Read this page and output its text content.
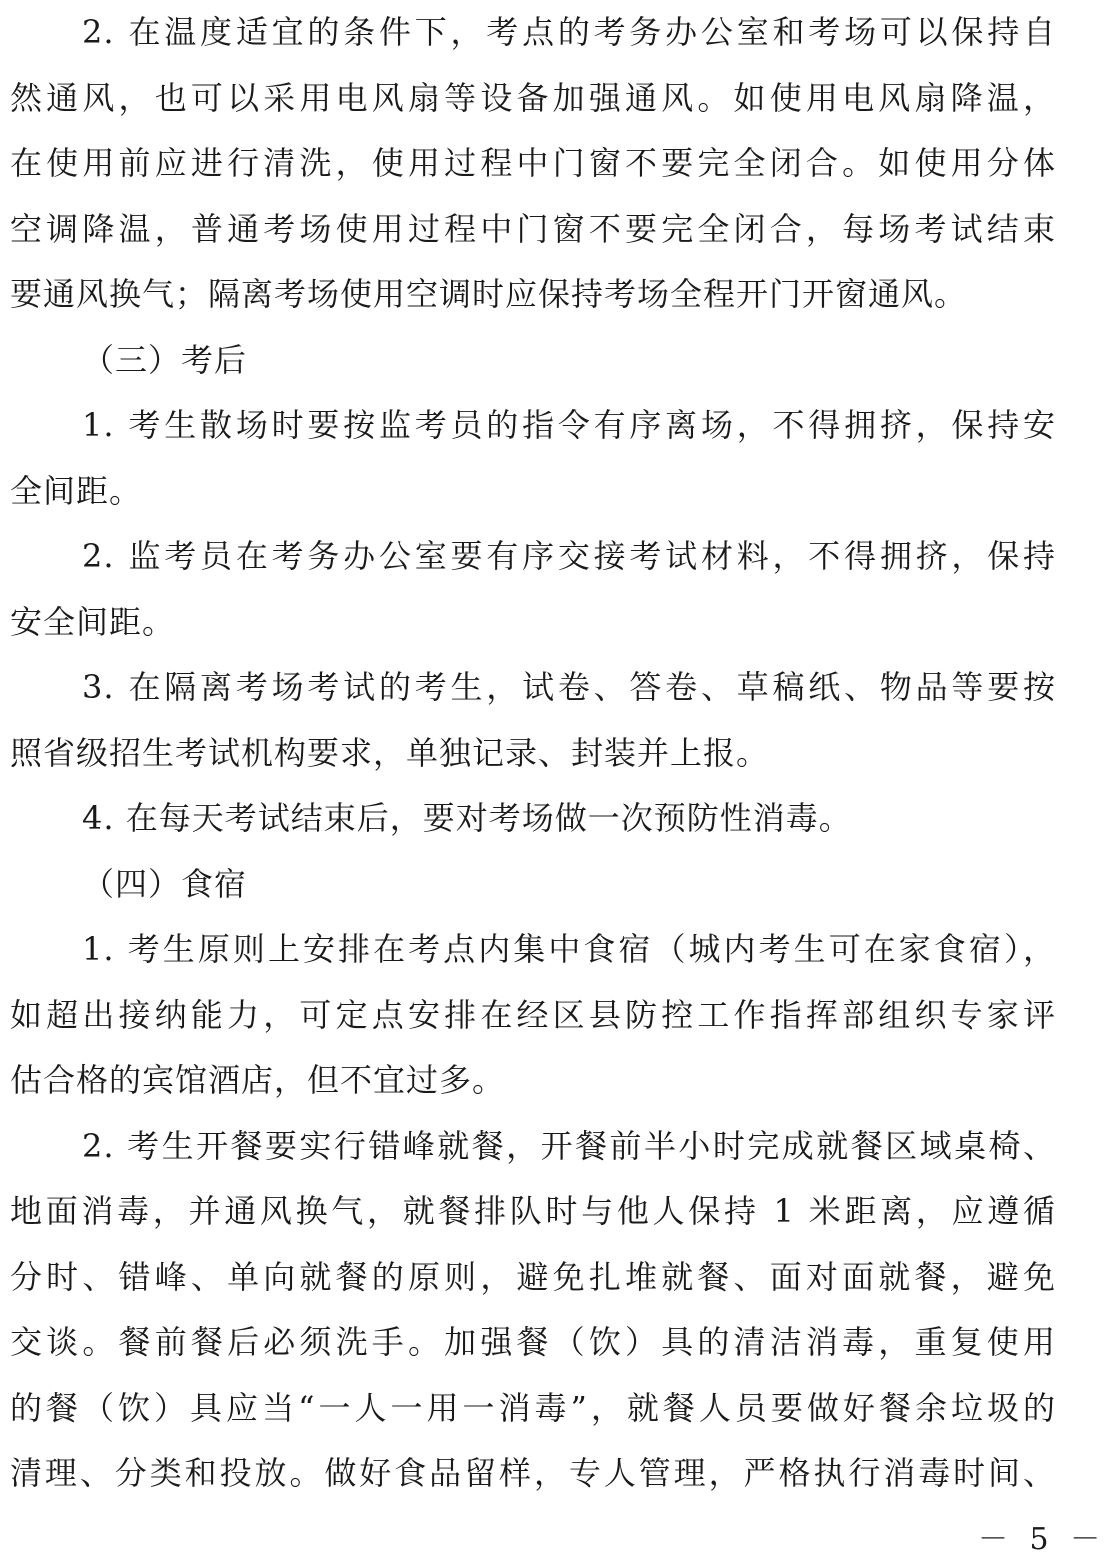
2. 在温度适宜的条件下，考点的考务办公室和考场可以保持自
然通风，也可以采用电风扇等设备加强通风。如使用电风扇降温，
在使用前应进行清洗，使用过程中门窗不要完全闭合。如使用分体
空调降温，普通考场使用过程中门窗不要完全闭合，每场考试结束
要通风换气；隔离考场使用空调时应保持考场全程开门开窗通风。
（三）考后
1. 考生散场时要按监考员的指令有序离场，不得拥挤，保持安
全间距。
2. 监考员在考务办公室要有序交接考试材料，不得拥挤，保持
安全间距。
3. 在隔离考场考试的考生，试卷、答卷、草稿纸、物品等要按
照省级招生考试机构要求，单独记录、封装并上报。
4. 在每天考试结束后，要对考场做一次预防性消毒。
（四）食宿
1. 考生原则上安排在考点内集中食宿（城内考生可在家食宿），
如超出接纳能力，可定点安排在经区县防控工作指挥部组织专家评
估合格的宾馆酒店，但不宜过多。
2. 考生开餐要实行错峰就餐，开餐前半小时完成就餐区域桌椅、
地面消毒，并通风换气，就餐排队时与他人保持 1 米距离，应遵循
分时、错峰、单向就餐的原则，避免扎堆就餐、面对面就餐，避免
交谈。餐前餐后必须洗手。加强餐（饮）具的清洁消毒，重复使用
的餐（饮）具应当“一人一用一消毒”，就餐人员要做好餐余垃圾的
清理、分类和投放。做好食品留样，专人管理，严格执行消毒时间、
－ 5 －
